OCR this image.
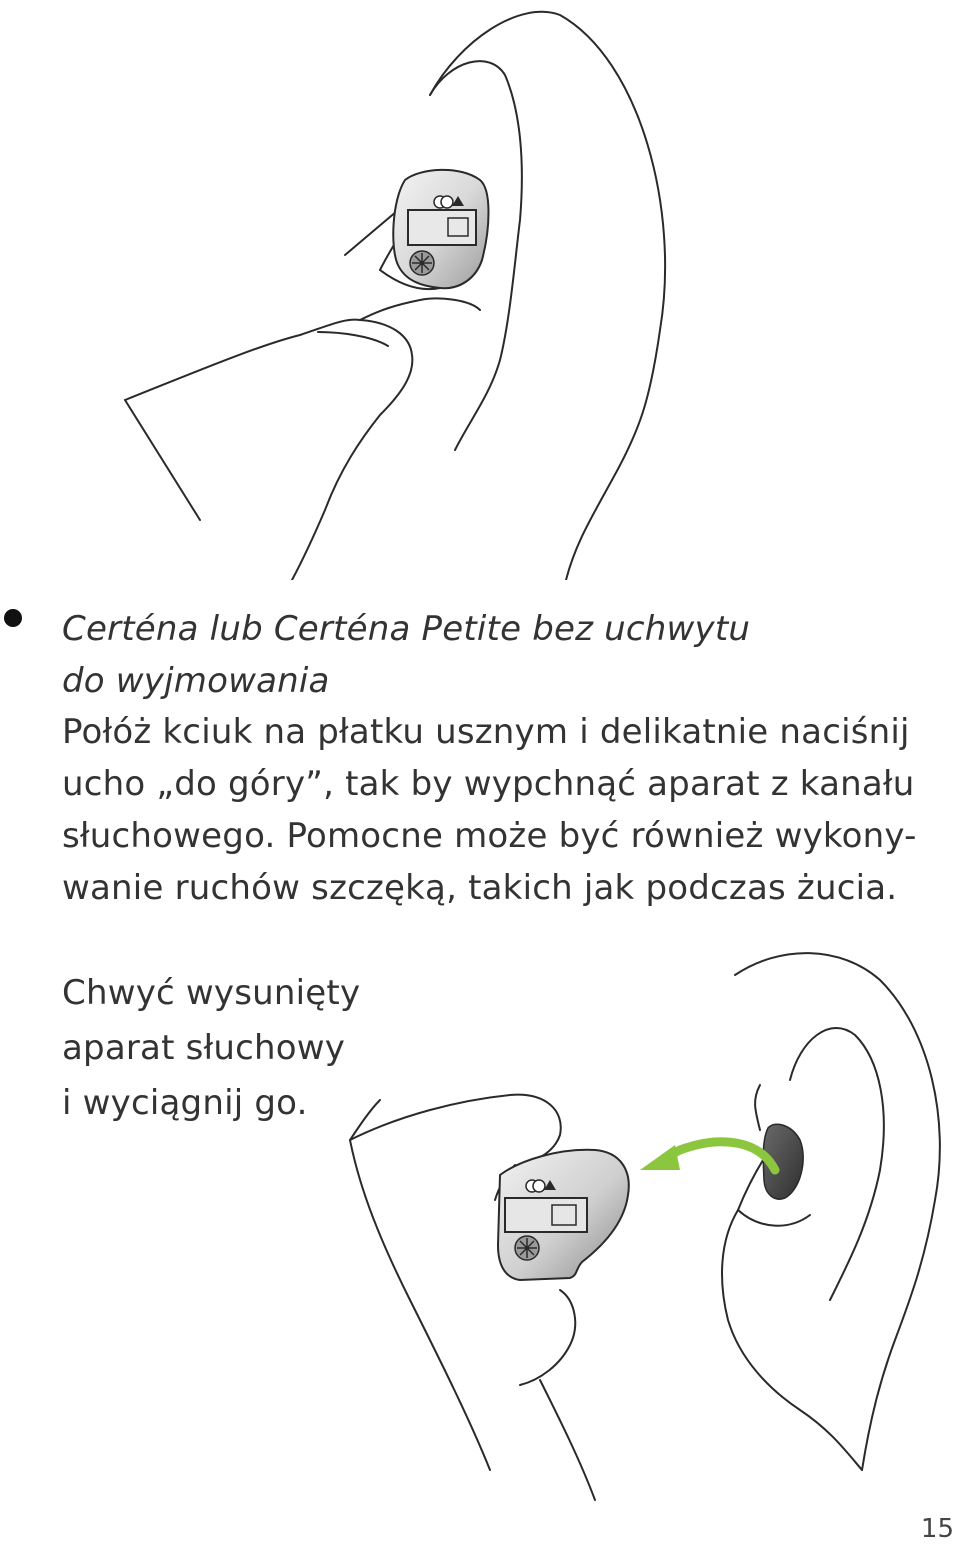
Certéna lub Certéna Petite bez uchwytu
do wyjmowania

Połóż kciuk na płatku usznym i delikatnie naciśnij
ucho „do góry”, tak by wypchnąć aparat z kanału
słuchowego. Pomocne może być również wykony-
wanie ruchów szczęką, takich jak podczas żucia.

Chwyć wysunięty
aparat słuchowy
i wyciągnij go.

15
